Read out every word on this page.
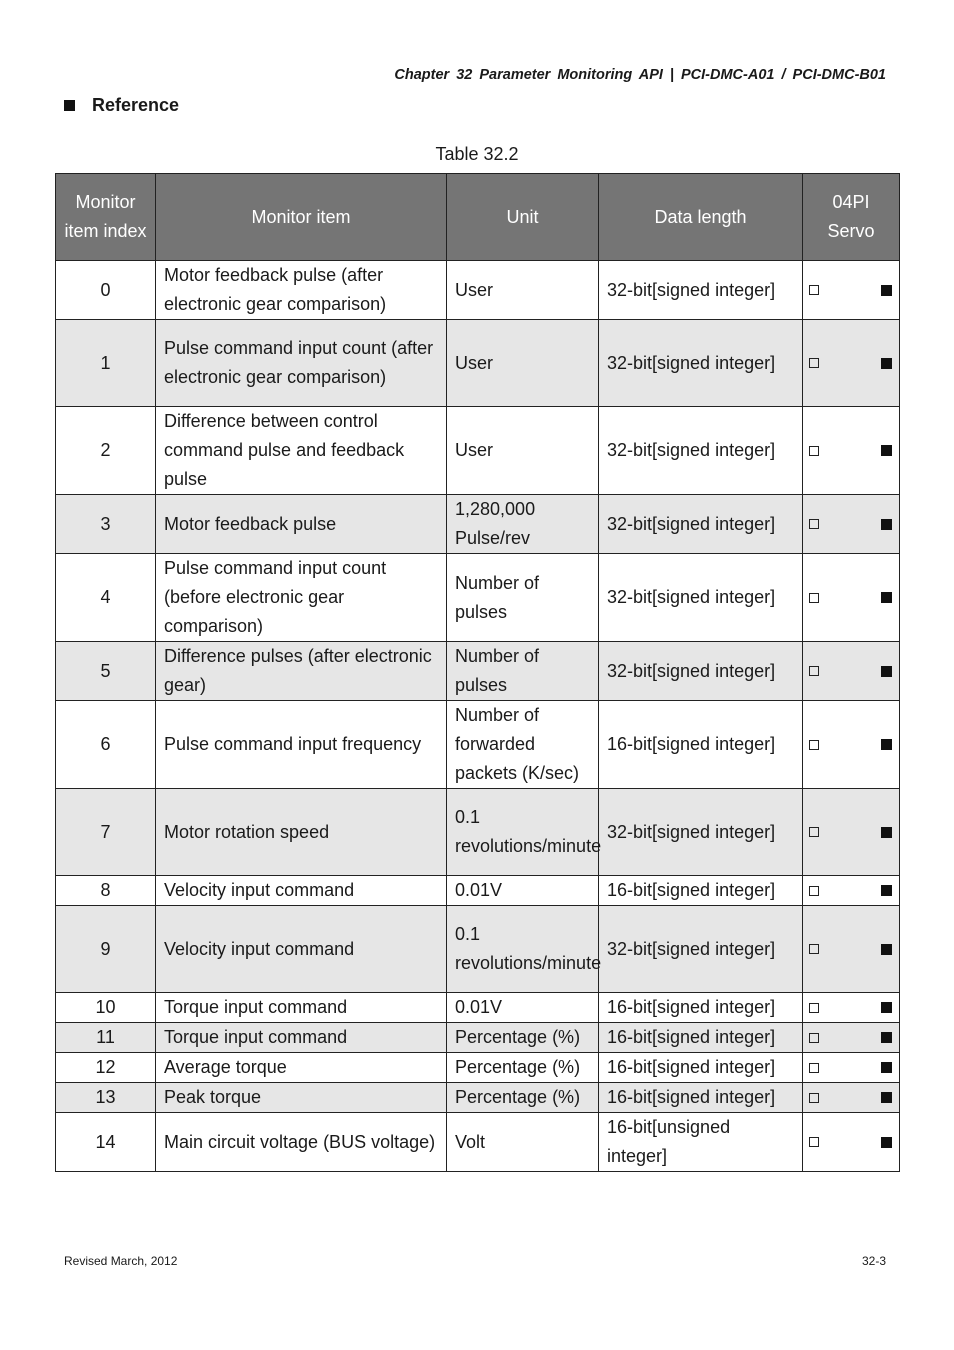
Chapter 32 Parameter Monitoring API | PCI-DMC-A01 / PCI-DMC-B01
Reference
Table 32.2
Monitor item index	Monitor item	Unit	Data length	04PI Servo
0	Motor feedback pulse (after electronic gear comparison)	User	32-bit[signed integer]	

1	Pulse command input count (after electronic gear comparison)	User	32-bit[signed integer]	

2	Difference between control command pulse and feedback pulse	User	32-bit[signed integer]	

3	Motor feedback pulse	1,280,000 Pulse/rev	32-bit[signed integer]	

4	Pulse command input count (before electronic gear comparison)	Number of pulses	32-bit[signed integer]	

5	Difference pulses (after electronic gear)	Number of pulses	32-bit[signed integer]	

6	Pulse command input frequency	Number of forwarded packets (K/sec)	16-bit[signed integer]	

7	Motor rotation speed	0.1 revolutions/minute	32-bit[signed integer]	

8	Velocity input command	0.01V	16-bit[signed integer]	

9	Velocity input command	0.1 revolutions/minute	32-bit[signed integer]	

10	Torque input command	0.01V	16-bit[signed integer]	

11	Torque input command	Percentage (%)	16-bit[signed integer]	

12	Average torque	Percentage (%)	16-bit[signed integer]	

13	Peak torque	Percentage (%)	16-bit[signed integer]	

14	Main circuit voltage (BUS voltage)	Volt	16-bit[unsigned integer]	
Revised March, 2012	32-3
